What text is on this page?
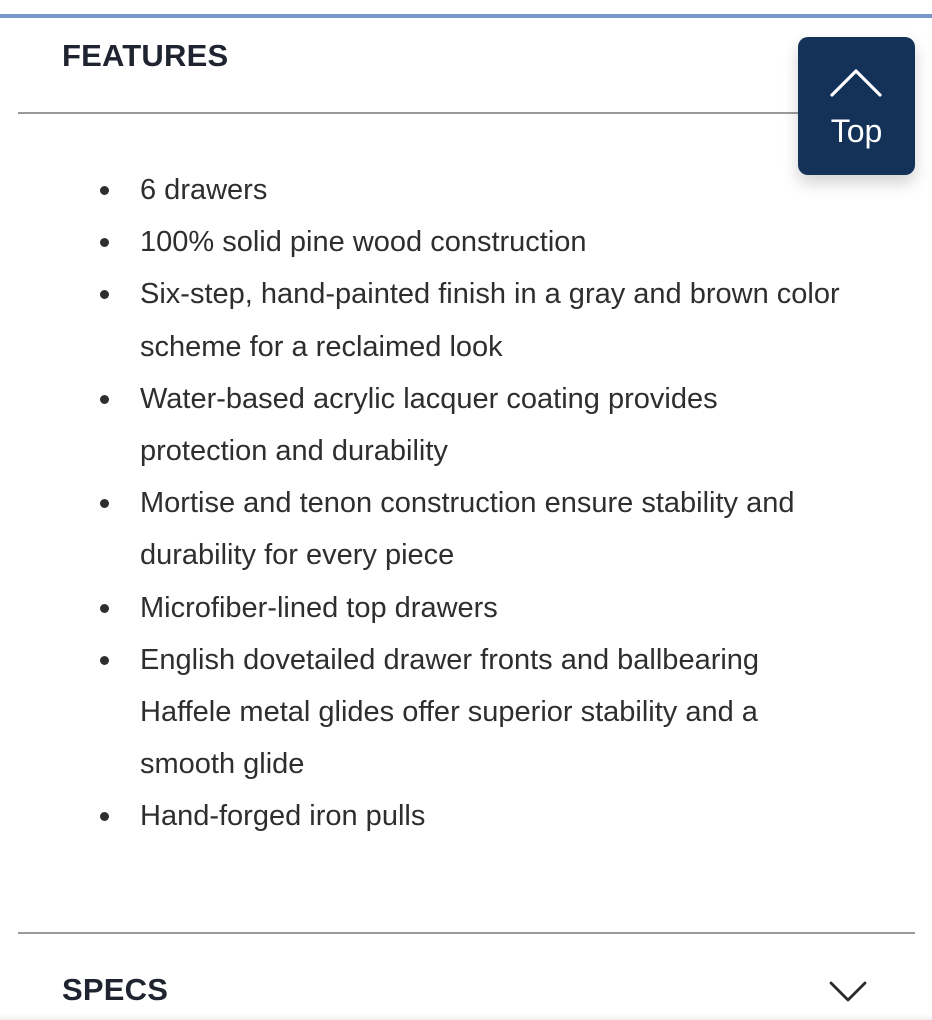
FEATURES
6 drawers
100% solid pine wood construction
Six-step, hand-painted finish in a gray and brown color scheme for a reclaimed look
Water-based acrylic lacquer coating provides protection and durability
Mortise and tenon construction ensure stability and durability for every piece
Microfiber-lined top drawers
English dovetailed drawer fronts and ballbearing Haffele metal glides offer superior stability and a smooth glide
Hand-forged iron pulls
Top
SPECS
